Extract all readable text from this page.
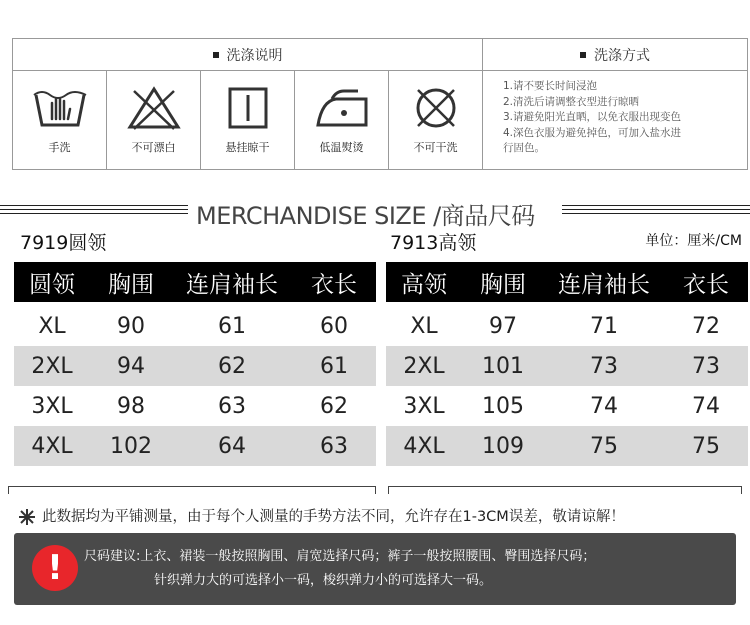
洗涤说明	洗涤方式
手洗	不可漂白	悬挂晾干	低温熨烫	不可干洗
1.请不要长时间浸泡
2.清洗后请调整衣型进行晾晒
3.请避免阳光直晒，以免衣服出现变色
4.深色衣服为避免掉色，可加入盐水进
行固色。
MERCHANDISE SIZE /商品尺码
7919圆领	7913高领	单位：厘米/CM
圆领	胸围	连肩袖长	衣长
XL	90	61	60
2XL	94	62	61
3XL	98	63	62
4XL	102	64	63
高领	胸围	连肩袖长	衣长
XL	97	71	72
2XL	101	73	73
3XL	105	74	74
4XL	109	75	75
此数据均为平铺测量，由于每个人测量的手势方法不同，允许存在1-3CM误差，敬请谅解！
!	尺码建议:上衣、裙装一般按照胸围、肩宽选择尺码；裤子一般按照腰围、臀围选择尺码；
针织弹力大的可选择小一码，梭织弹力小的可选择大一码。
